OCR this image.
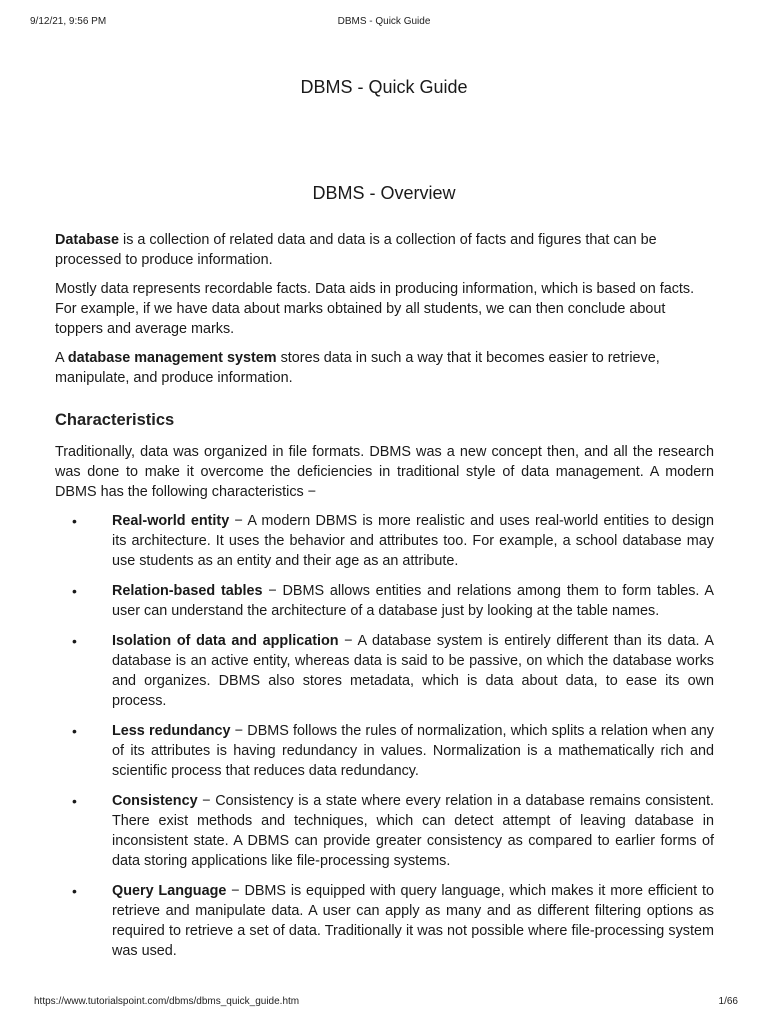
9/12/21, 9:56 PM	DBMS - Quick Guide
DBMS - Quick Guide
DBMS - Overview

Database is a collection of related data and data is a collection of facts and figures that can be processed to produce information.

Mostly data represents recordable facts. Data aids in producing information, which is based on facts. For example, if we have data about marks obtained by all students, we can then conclude about toppers and average marks.

A database management system stores data in such a way that it becomes easier to retrieve, manipulate, and produce information.

Characteristics

Traditionally, data was organized in file formats. DBMS was a new concept then, and all the research was done to make it overcome the deficiencies in traditional style of data management. A modern DBMS has the following characteristics −

• Real-world entity − A modern DBMS is more realistic and uses real-world entities to design its architecture. It uses the behavior and attributes too. For example, a school database may use students as an entity and their age as an attribute.
• Relation-based tables − DBMS allows entities and relations among them to form tables. A user can understand the architecture of a database just by looking at the table names.
• Isolation of data and application − A database system is entirely different than its data. A database is an active entity, whereas data is said to be passive, on which the database works and organizes. DBMS also stores metadata, which is data about data, to ease its own process.
• Less redundancy − DBMS follows the rules of normalization, which splits a relation when any of its attributes is having redundancy in values. Normalization is a mathematically rich and scientific process that reduces data redundancy.
• Consistency − Consistency is a state where every relation in a database remains consistent. There exist methods and techniques, which can detect attempt of leaving database in inconsistent state. A DBMS can provide greater consistency as compared to earlier forms of data storing applications like file-processing systems.
• Query Language − DBMS is equipped with query language, which makes it more efficient to retrieve and manipulate data. A user can apply as many and as different filtering options as required to retrieve a set of data. Traditionally it was not possible where file-processing system was used.
https://www.tutorialspoint.com/dbms/dbms_quick_guide.htm	1/66
